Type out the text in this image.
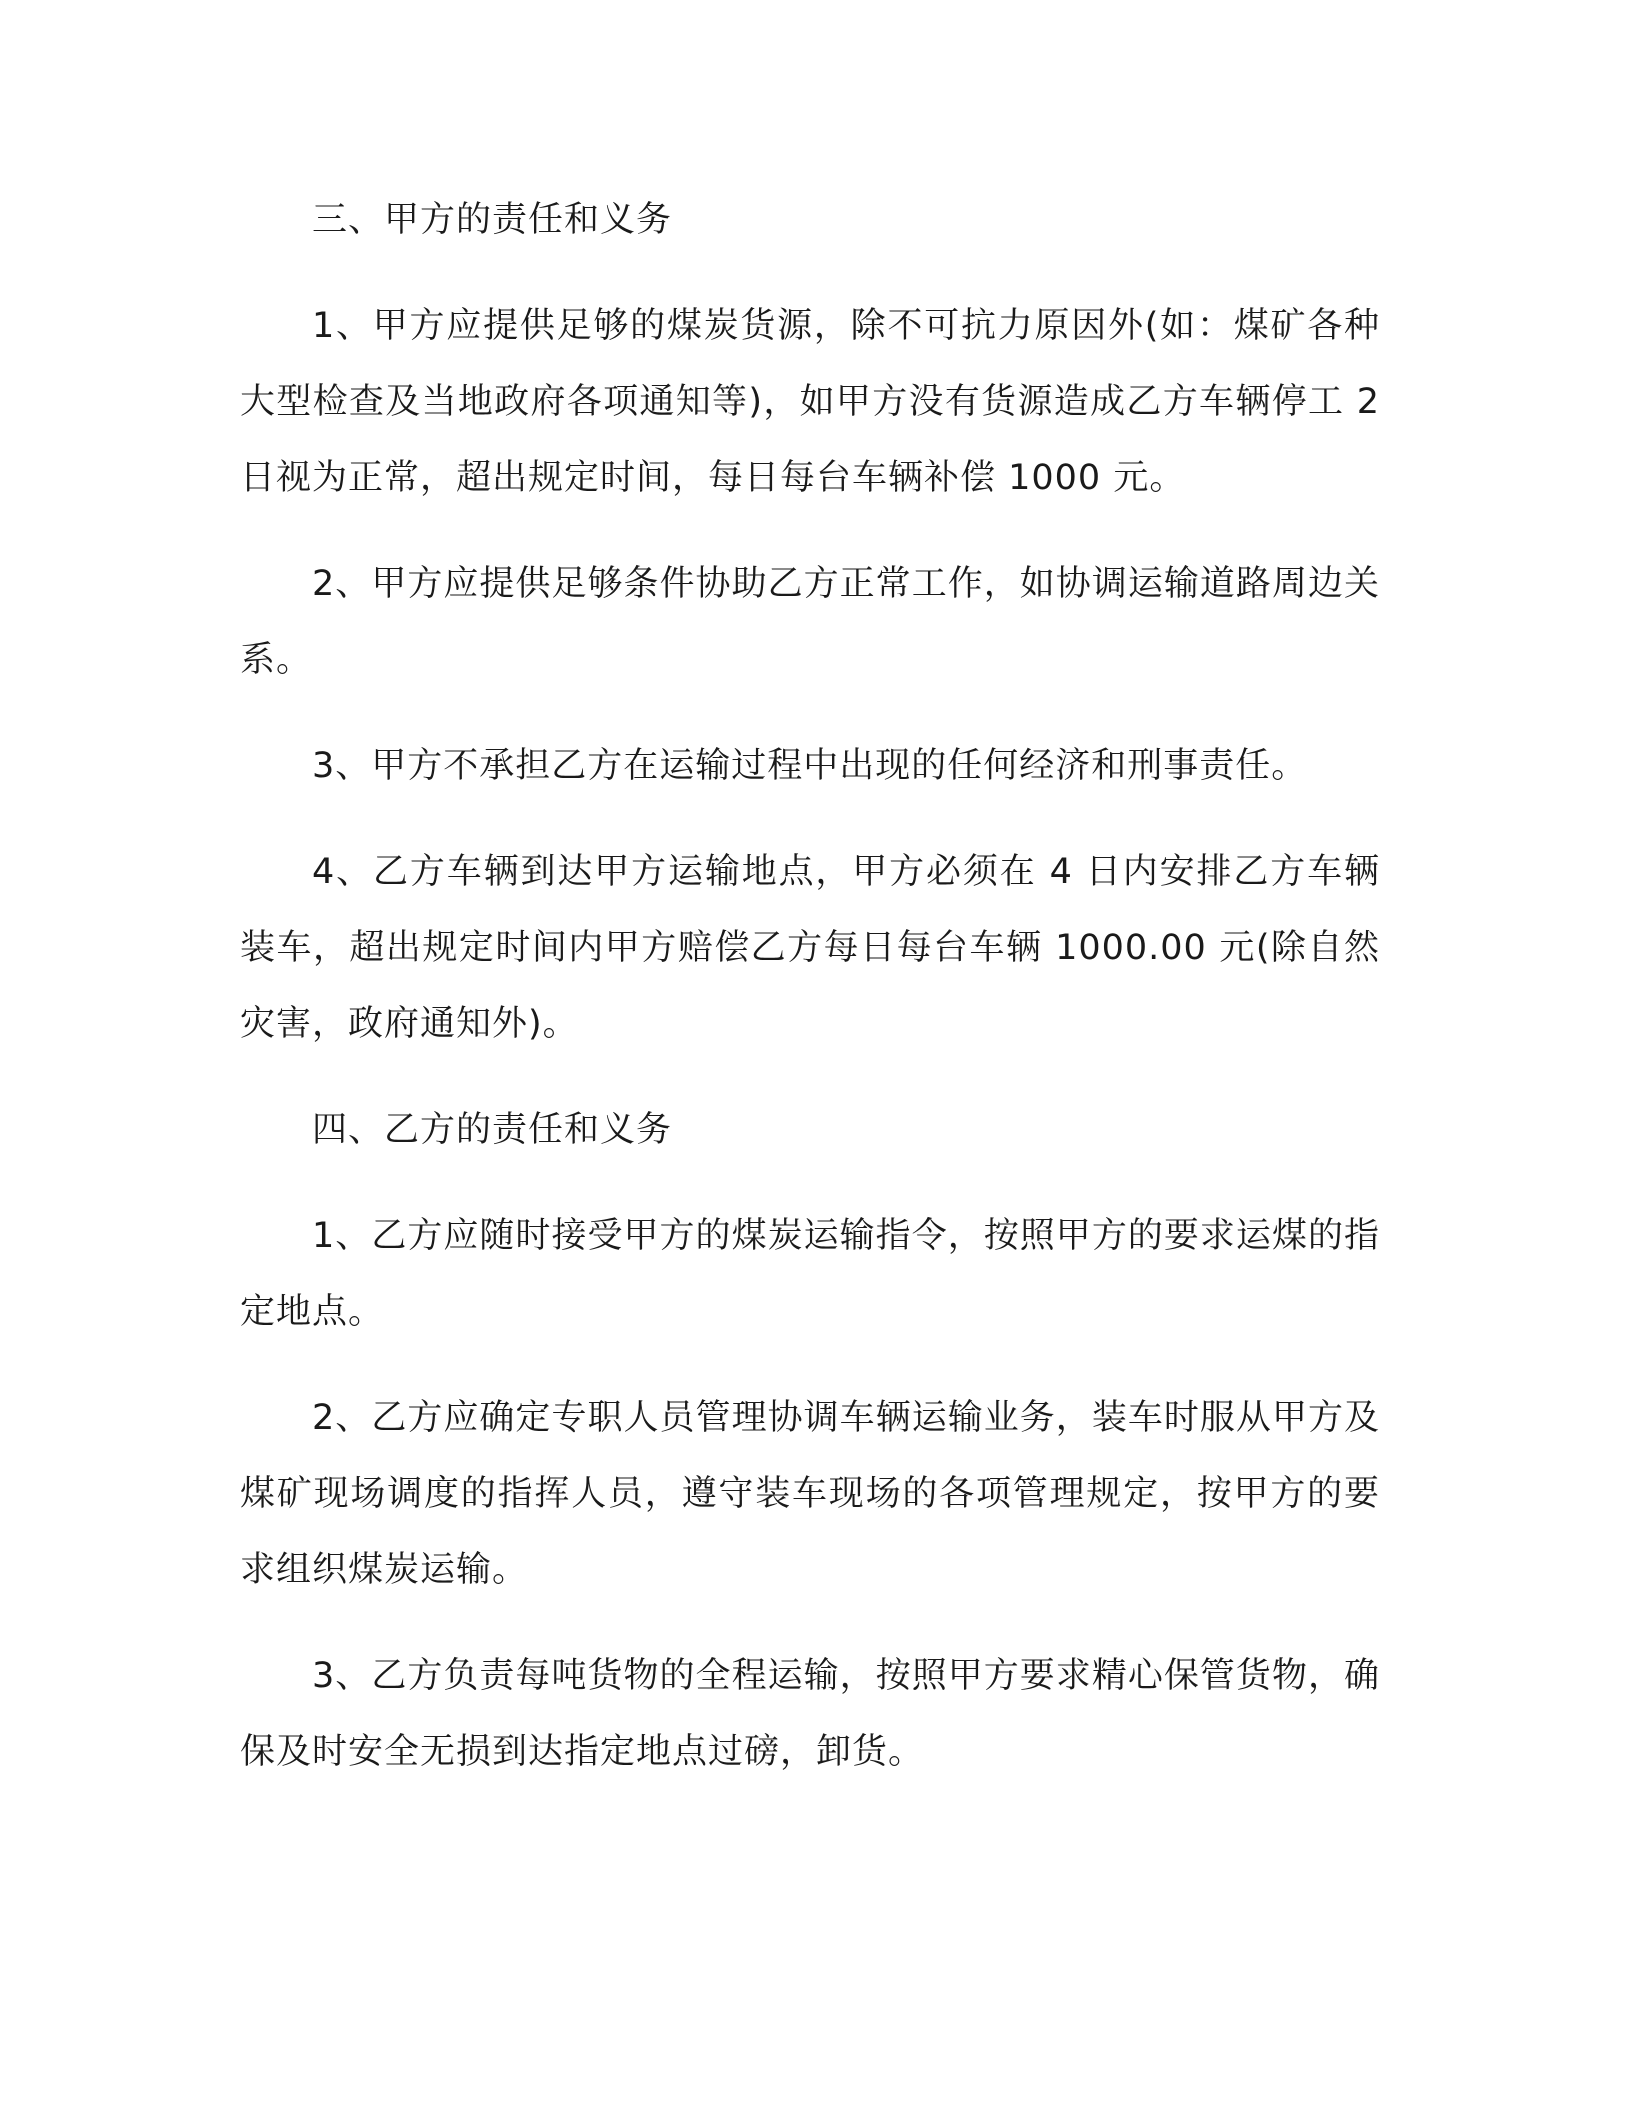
三、甲方的责任和义务

1、甲方应提供足够的煤炭货源，除不可抗力原因外(如：煤矿各种大型检查及当地政府各项通知等)，如甲方没有货源造成乙方车辆停工 2 日视为正常，超出规定时间，每日每台车辆补偿 1000 元。

2、甲方应提供足够条件协助乙方正常工作，如协调运输道路周边关系。

3、甲方不承担乙方在运输过程中出现的任何经济和刑事责任。

4、乙方车辆到达甲方运输地点，甲方必须在 4 日内安排乙方车辆装车，超出规定时间内甲方赔偿乙方每日每台车辆 1000.00 元(除自然灾害，政府通知外)。

四、乙方的责任和义务

1、乙方应随时接受甲方的煤炭运输指令，按照甲方的要求运煤的指定地点。

2、乙方应确定专职人员管理协调车辆运输业务，装车时服从甲方及煤矿现场调度的指挥人员，遵守装车现场的各项管理规定，按甲方的要求组织煤炭运输。

3、乙方负责每吨货物的全程运输，按照甲方要求精心保管货物，确保及时安全无损到达指定地点过磅，卸货。
